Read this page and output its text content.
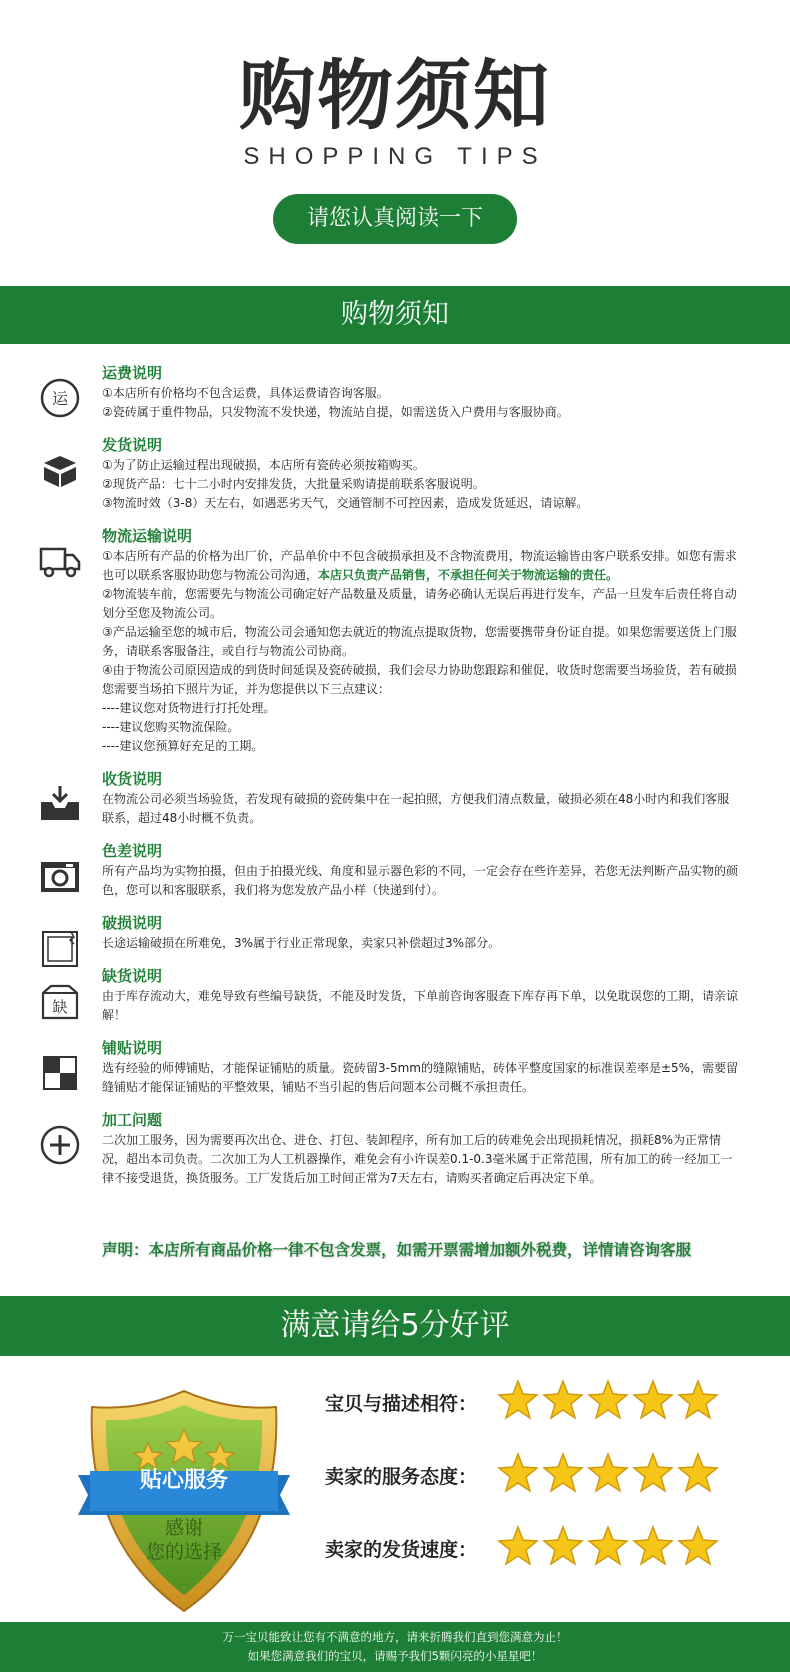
购物须知
SHOPPING TIPS
请您认真阅读一下
购物须知
运
运费说明

①本店所有价格均不包含运费，具体运费请咨询客服。

②瓷砖属于重件物品，只发物流不发快递，物流站自提，如需送货入户费用与客服协商。

发货说明

①为了防止运输过程出现破损，本店所有瓷砖必须按箱购买。

②现货产品：七十二小时内安排发货，大批量采购请提前联系客服说明。

③物流时效（3-8）天左右，如遇恶劣天气，交通管制不可控因素，造成发货延迟，请谅解。

物流运输说明

①本店所有产品的价格为出厂价，产品单价中不包含破损承担及不含物流费用，物流运输皆由客户联系安排。如您有需求也可以联系客服协助您与物流公司沟通，本店只负责产品销售，不承担任何关于物流运输的责任。

②物流装车前，您需要先与物流公司确定好产品数量及质量，请务必确认无误后再进行发车，产品一旦发车后责任将自动划分至您及物流公司。

③产品运输至您的城市后，物流公司会通知您去就近的物流点提取货物，您需要携带身份证自提。如果您需要送货上门服务，请联系客服备注，或自行与物流公司协商。

④由于物流公司原因造成的到货时间延误及瓷砖破损，我们会尽力协助您跟踪和催促，收货时您需要当场验货，若有破损您需要当场拍下照片为证，并为您提供以下三点建议：

----建议您对货物进行打托处理。

----建议您购买物流保险。

----建议您预算好充足的工期。

收货说明

在物流公司必须当场验货，若发现有破损的瓷砖集中在一起拍照，方便我们清点数量，破损必须在48小时内和我们客服联系，超过48小时概不负责。

色差说明

所有产品均为实物拍摄，但由于拍摄光线、角度和显示器色彩的不同，一定会存在些许差异，若您无法判断产品实物的颜色，您可以和客服联系，我们将为您发放产品小样（快递到付）。

破损说明

长途运输破损在所难免，3%属于行业正常现象，卖家只补偿超过3%部分。

缺
缺货说明

由于库存流动大，难免导致有些编号缺货，不能及时发货，下单前咨询客服查下库存再下单，以免耽误您的工期，请亲谅解！

铺贴说明

选有经验的师傅铺贴，才能保证铺贴的质量。瓷砖留3-5mm的缝隙铺贴，砖体平整度国家的标准误差率是±5%，需要留缝铺贴才能保证铺贴的平整效果，铺贴不当引起的售后问题本公司概不承担责任。

加工问题

二次加工服务，因为需要再次出仓、进仓、打包、装卸程序，所有加工后的砖难免会出现损耗情况，损耗8%为正常情况，超出本司负责。二次加工为人工机器操作，难免会有小许误差0.1-0.3毫米属于正常范围，所有加工的砖一经加工一律不接受退货，换货服务。工厂发货后加工时间正常为7天左右，请购买者确定后再决定下单。

声明：本店所有商品价格一律不包含发票，如需开票需增加额外税费，详情请咨询客服
满意请给5分好评
贴心服务
感谢
您的选择
宝贝与描述相符：
卖家的服务态度：
卖家的发货速度：
万一宝贝能致让您有不满意的地方，请来折腾我们直到您满意为止！
如果您满意我们的宝贝，请赐予我们5颗闪亮的小星星吧！
